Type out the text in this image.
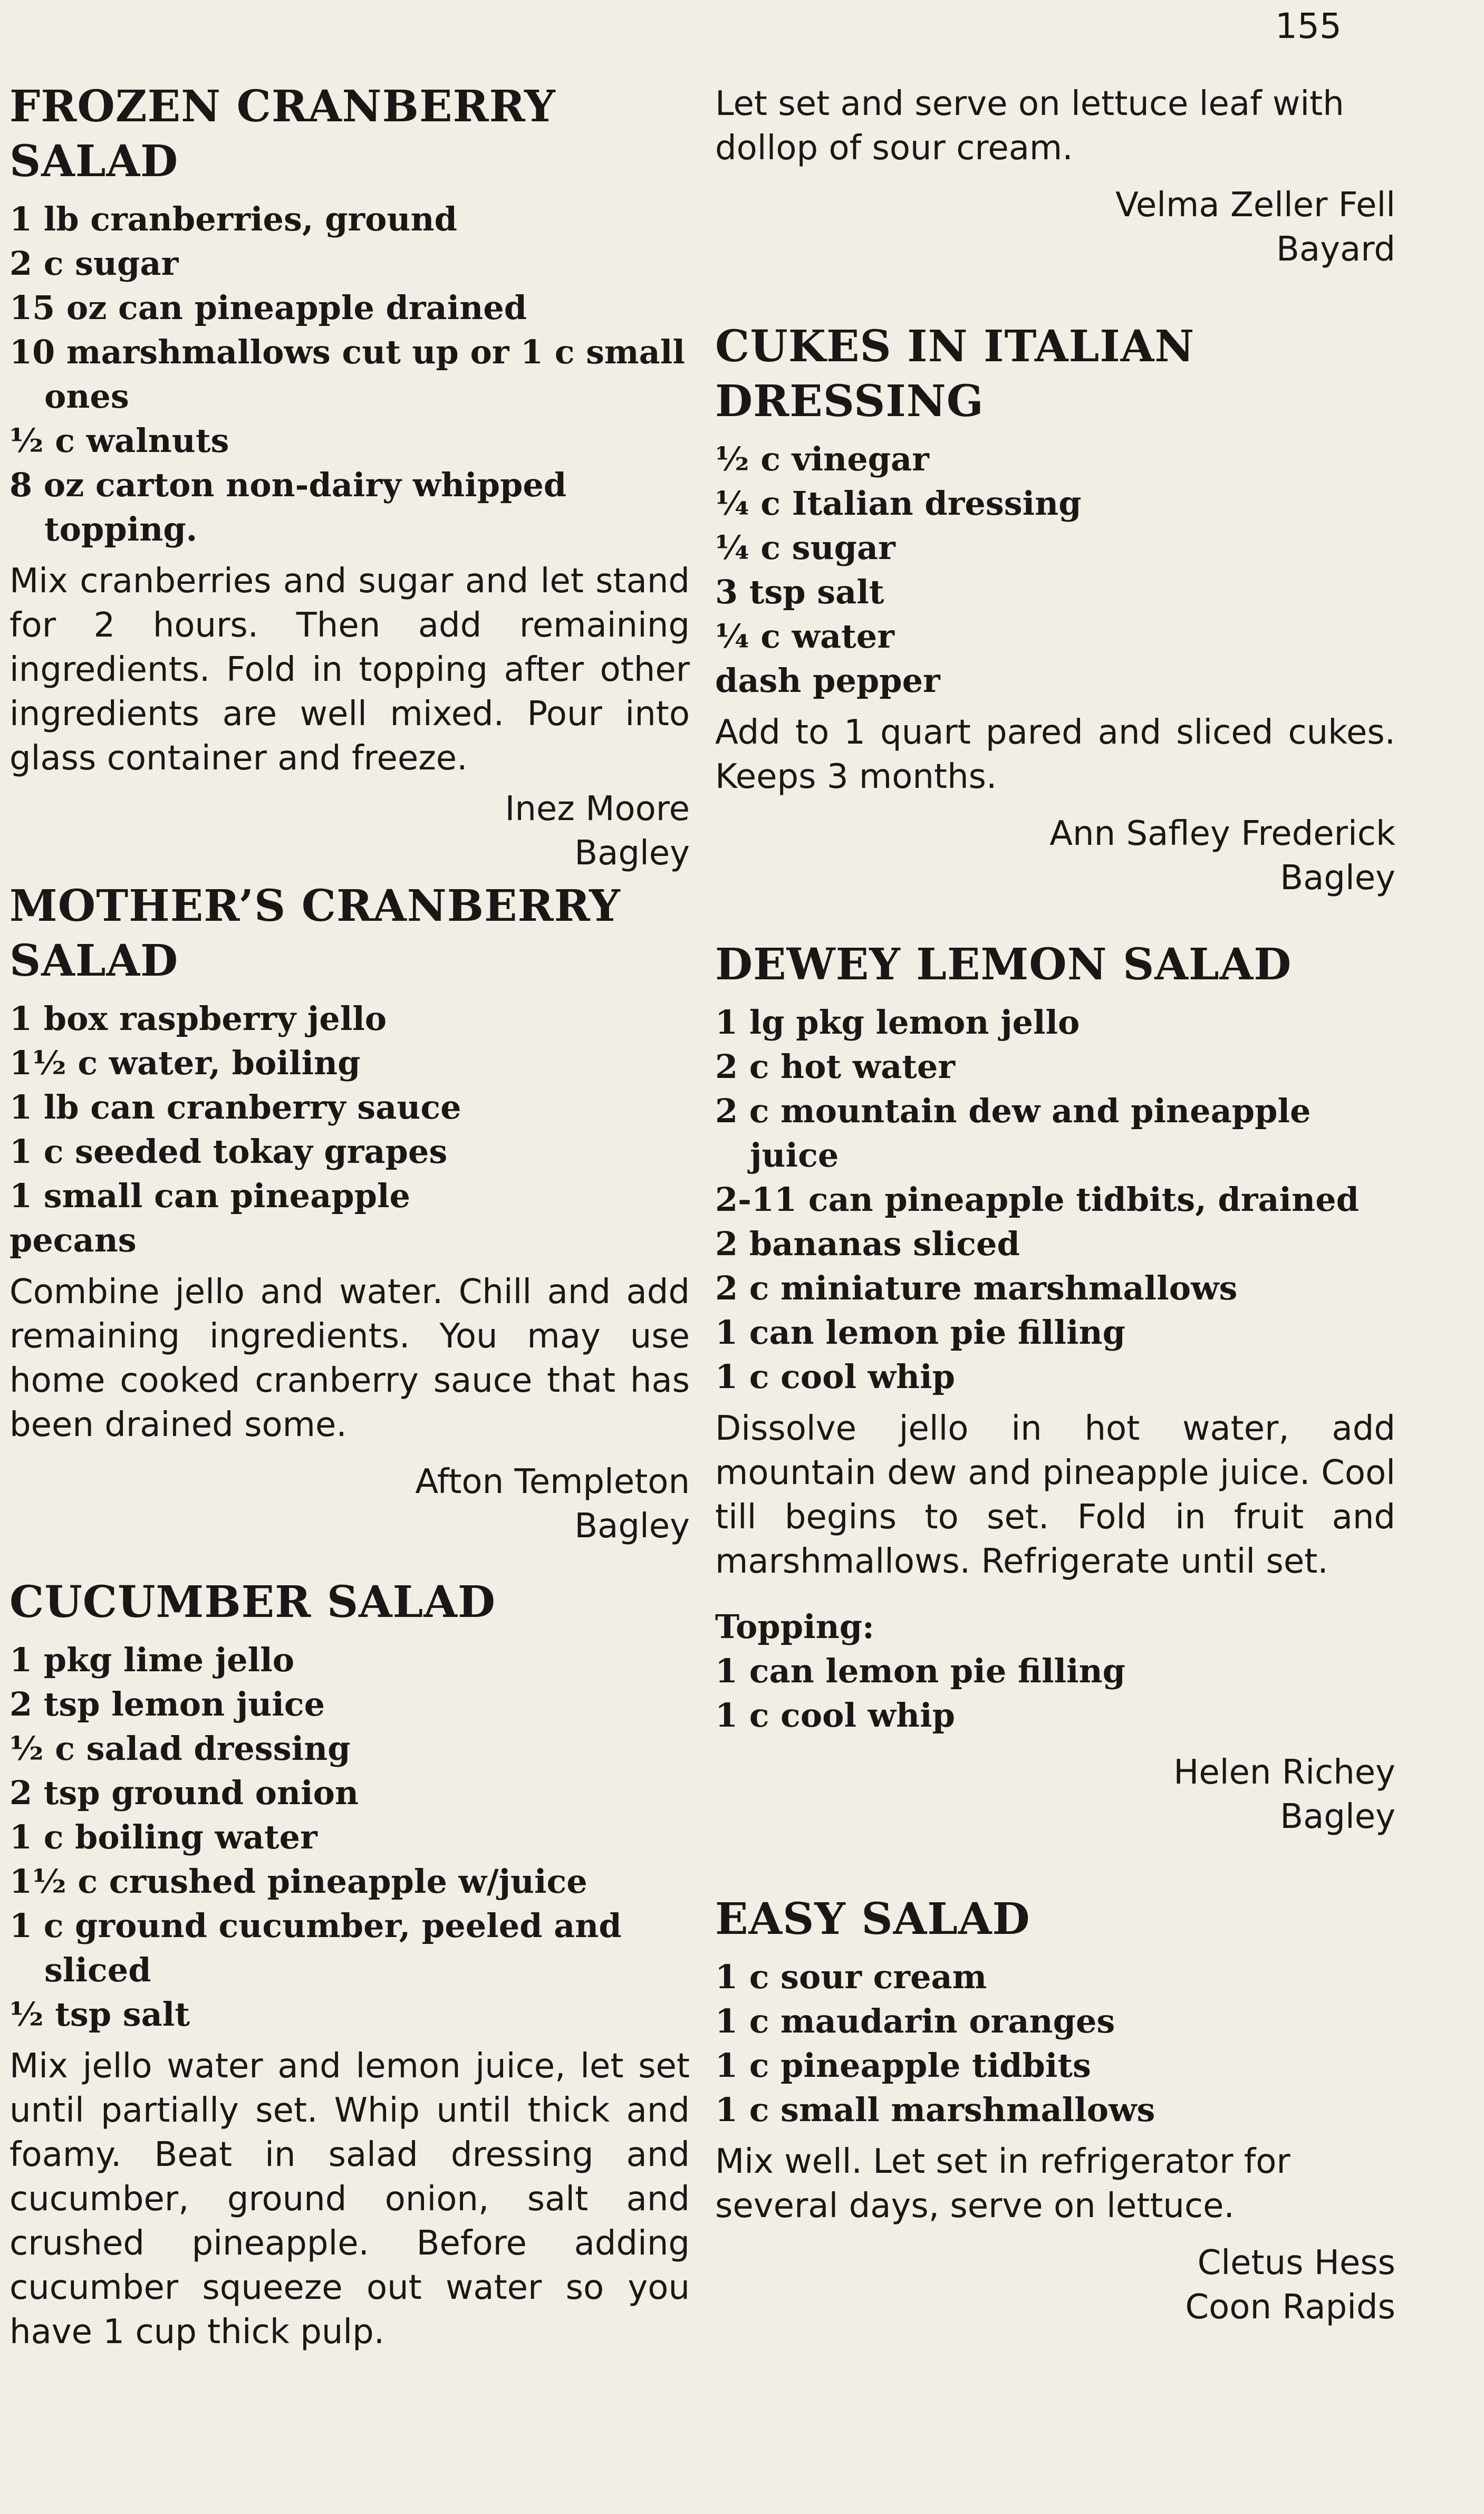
155
FROZEN CRANBERRY SALAD
1 lb cranberries, ground
2 c sugar
15 oz can pineapple drained
10 marshmallows cut up or 1 c small ones
½ c walnuts
8 oz carton non-dairy whipped topping.

Mix cranberries and sugar and let stand for 2 hours. Then add remaining ingredients. Fold in topping after other ingredients are well mixed. Pour into glass container and freeze.

Inez Moore
Bagley
MOTHER’S CRANBERRY SALAD
1 box raspberry jello
1½ c water, boiling
1 lb can cranberry sauce
1 c seeded tokay grapes
1 small can pineapple
pecans

Combine jello and water. Chill and add remaining ingredients. You may use home cooked cranberry sauce that has been drained some.

Afton Templeton
Bagley
CUCUMBER SALAD
1 pkg lime jello
2 tsp lemon juice
½ c salad dressing
2 tsp ground onion
1 c boiling water
1½ c crushed pineapple w/juice
1 c ground cucumber, peeled and sliced
½ tsp salt

Mix jello water and lemon juice, let set until partially set. Whip until thick and foamy. Beat in salad dressing and cucumber, ground onion, salt and crushed pineapple. Before adding cucumber squeeze out water so you have 1 cup thick pulp.

Let set and serve on lettuce leaf with dollop of sour cream.

Velma Zeller Fell
Bayard
CUKES IN ITALIAN DRESSING
½ c vinegar
¼ c Italian dressing
¼ c sugar
3 tsp salt
¼ c water
dash pepper

Add to 1 quart pared and sliced cukes. Keeps 3 months.

Ann Safley Frederick
Bagley
DEWEY LEMON SALAD
1 lg pkg lemon jello
2 c hot water
2 c mountain dew and pineapple juice
2-11 can pineapple tidbits, drained
2 bananas sliced
2 c miniature marshmallows
1 can lemon pie filling
1 c cool whip

Dissolve jello in hot water, add mountain dew and pineapple juice. Cool till begins to set. Fold in fruit and marshmallows. Refrigerate until set.

Topping:

1 can lemon pie filling
1 c cool whip
Helen Richey
Bagley
EASY SALAD
1 c sour cream
1 c maudarin oranges
1 c pineapple tidbits
1 c small marshmallows

Mix well. Let set in refrigerator for several days, serve on lettuce.

Cletus Hess
Coon Rapids
